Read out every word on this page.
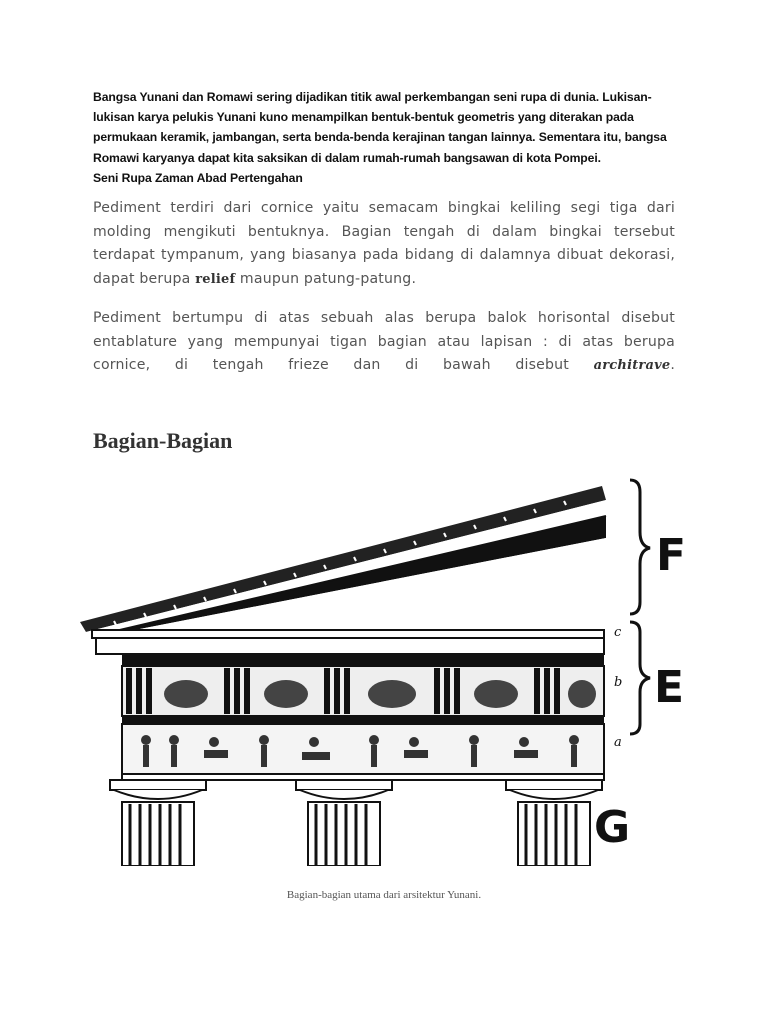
Bangsa Yunani dan Romawi sering dijadikan titik awal perkembangan seni rupa di dunia. Lukisan-lukisan karya pelukis Yunani kuno menampilkan bentuk-bentuk geometris yang diterakan pada permukaan keramik, jambangan, serta benda-benda kerajinan tangan lainnya. Sementara itu, bangsa Romawi karyanya dapat kita saksikan di dalam rumah-rumah bangsawan di kota Pompei.
Seni Rupa Zaman Abad Pertengahan
Pediment terdiri dari cornice yaitu semacam bingkai keliling segi tiga dari molding mengikuti bentuknya. Bagian tengah di dalam bingkai tersebut terdapat tympanum, yang biasanya pada bidang di dalamnya dibuat dekorasi, dapat berupa relief maupun patung-patung.
Pediment bertumpu di atas sebuah alas berupa balok horisontal disebut entablature yang mempunyai tigan bagian atau lapisan : di atas berupa cornice, di tengah frieze dan di bawah disebut architrave.
Bagian-Bagian
F
E
G
c
b
a
Bagian-bagian utama dari arsitektur Yunani.
